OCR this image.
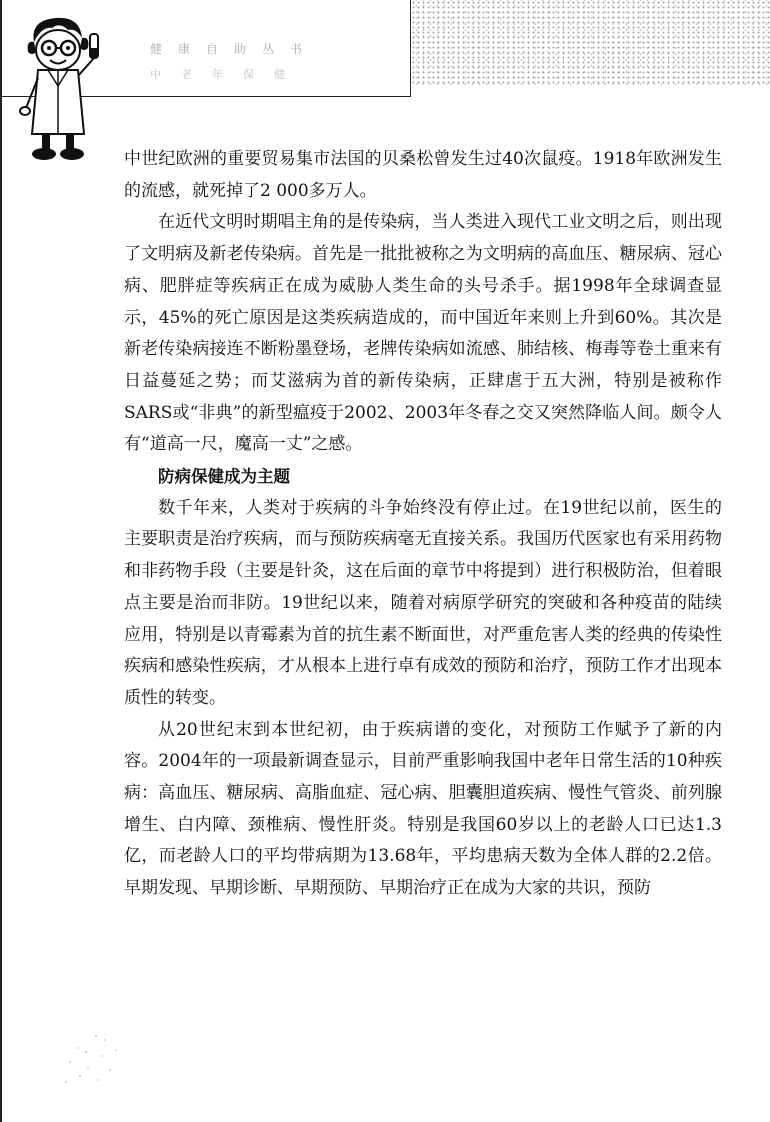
健康自助丛书
中老年保健

中世纪欧洲的重要贸易集市法国的贝桑松曾发生过40次鼠疫。1918年欧洲发生的流感，就死掉了2 000多万人。

在近代文明时期唱主角的是传染病，当人类进入现代工业文明之后，则出现了文明病及新老传染病。首先是一批批被称之为文明病的高血压、糖尿病、冠心病、肥胖症等疾病正在成为威胁人类生命的头号杀手。据1998年全球调查显示，45%的死亡原因是这类疾病造成的，而中国近年来则上升到60%。其次是新老传染病接连不断粉墨登场，老牌传染病如流感、肺结核、梅毒等卷土重来有日益蔓延之势；而艾滋病为首的新传染病，正肆虐于五大洲，特别是被称作SARS或“非典”的新型瘟疫于2002、2003年冬春之交又突然降临人间。颇令人有“道高一尺，魔高一丈”之感。

防病保健成为主题

数千年来，人类对于疾病的斗争始终没有停止过。在19世纪以前，医生的主要职责是治疗疾病，而与预防疾病毫无直接关系。我国历代医家也有采用药物和非药物手段（主要是针灸，这在后面的章节中将提到）进行积极防治，但着眼点主要是治而非防。19世纪以来，随着对病原学研究的突破和各种疫苗的陆续应用，特别是以青霉素为首的抗生素不断面世，对严重危害人类的经典的传染性疾病和感染性疾病，才从根本上进行卓有成效的预防和治疗，预防工作才出现本质性的转变。

从20世纪末到本世纪初，由于疾病谱的变化，对预防工作赋予了新的内容。2004年的一项最新调查显示，目前严重影响我国中老年日常生活的10种疾病：高血压、糖尿病、高脂血症、冠心病、胆囊胆道疾病、慢性气管炎、前列腺增生、白内障、颈椎病、慢性肝炎。特别是我国60岁以上的老龄人口已达1.3亿，而老龄人口的平均带病期为13.68年，平均患病天数为全体人群的2.2倍。早期发现、早期诊断、早期预防、早期治疗正在成为大家的共识，预防
